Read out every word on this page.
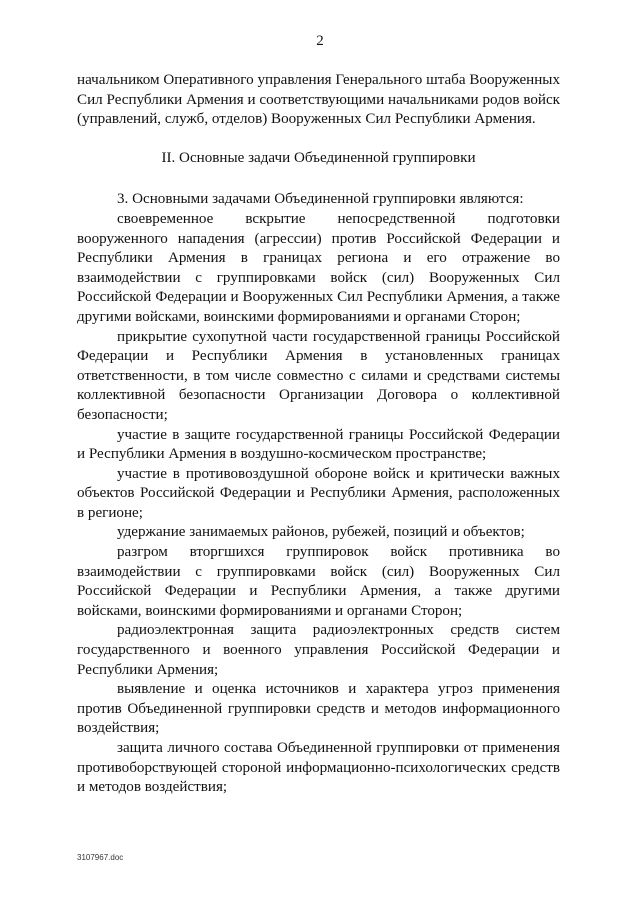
2

начальником Оперативного управления Генерального штаба Вооруженных Сил Республики Армения и соответствующими начальниками родов войск (управлений, служб, отделов) Вооруженных Сил Республики Армения.

II. Основные задачи Объединенной группировки

3. Основными задачами Объединенной группировки являются:

своевременное вскрытие непосредственной подготовки вооруженного нападения (агрессии) против Российской Федерации и Республики Армения в границах региона и его отражение во взаимодействии с группировками войск (сил) Вооруженных Сил Российской Федерации и Вооруженных Сил Республики Армения, а также другими войсками, воинскими формированиями и органами Сторон;

прикрытие сухопутной части государственной границы Российской Федерации и Республики Армения в установленных границах ответственности, в том числе совместно с силами и средствами системы коллективной безопасности Организации Договора о коллективной безопасности;

участие в защите государственной границы Российской Федерации и Республики Армения в воздушно-космическом пространстве;

участие в противовоздушной обороне войск и критически важных объектов Российской Федерации и Республики Армения, расположенных в регионе;

удержание занимаемых районов, рубежей, позиций и объектов;

разгром вторгшихся группировок войск противника во взаимодействии с группировками войск (сил) Вооруженных Сил Российской Федерации и Республики Армения, а также другими войсками, воинскими формированиями и органами Сторон;

радиоэлектронная защита радиоэлектронных средств систем государственного и военного управления Российской Федерации и Республики Армения;

выявление и оценка источников и характера угроз применения против Объединенной группировки средств и методов информационного воздействия;

защита личного состава Объединенной группировки от применения противоборствующей стороной информационно-психологических средств и методов воздействия;

3107967.doc
